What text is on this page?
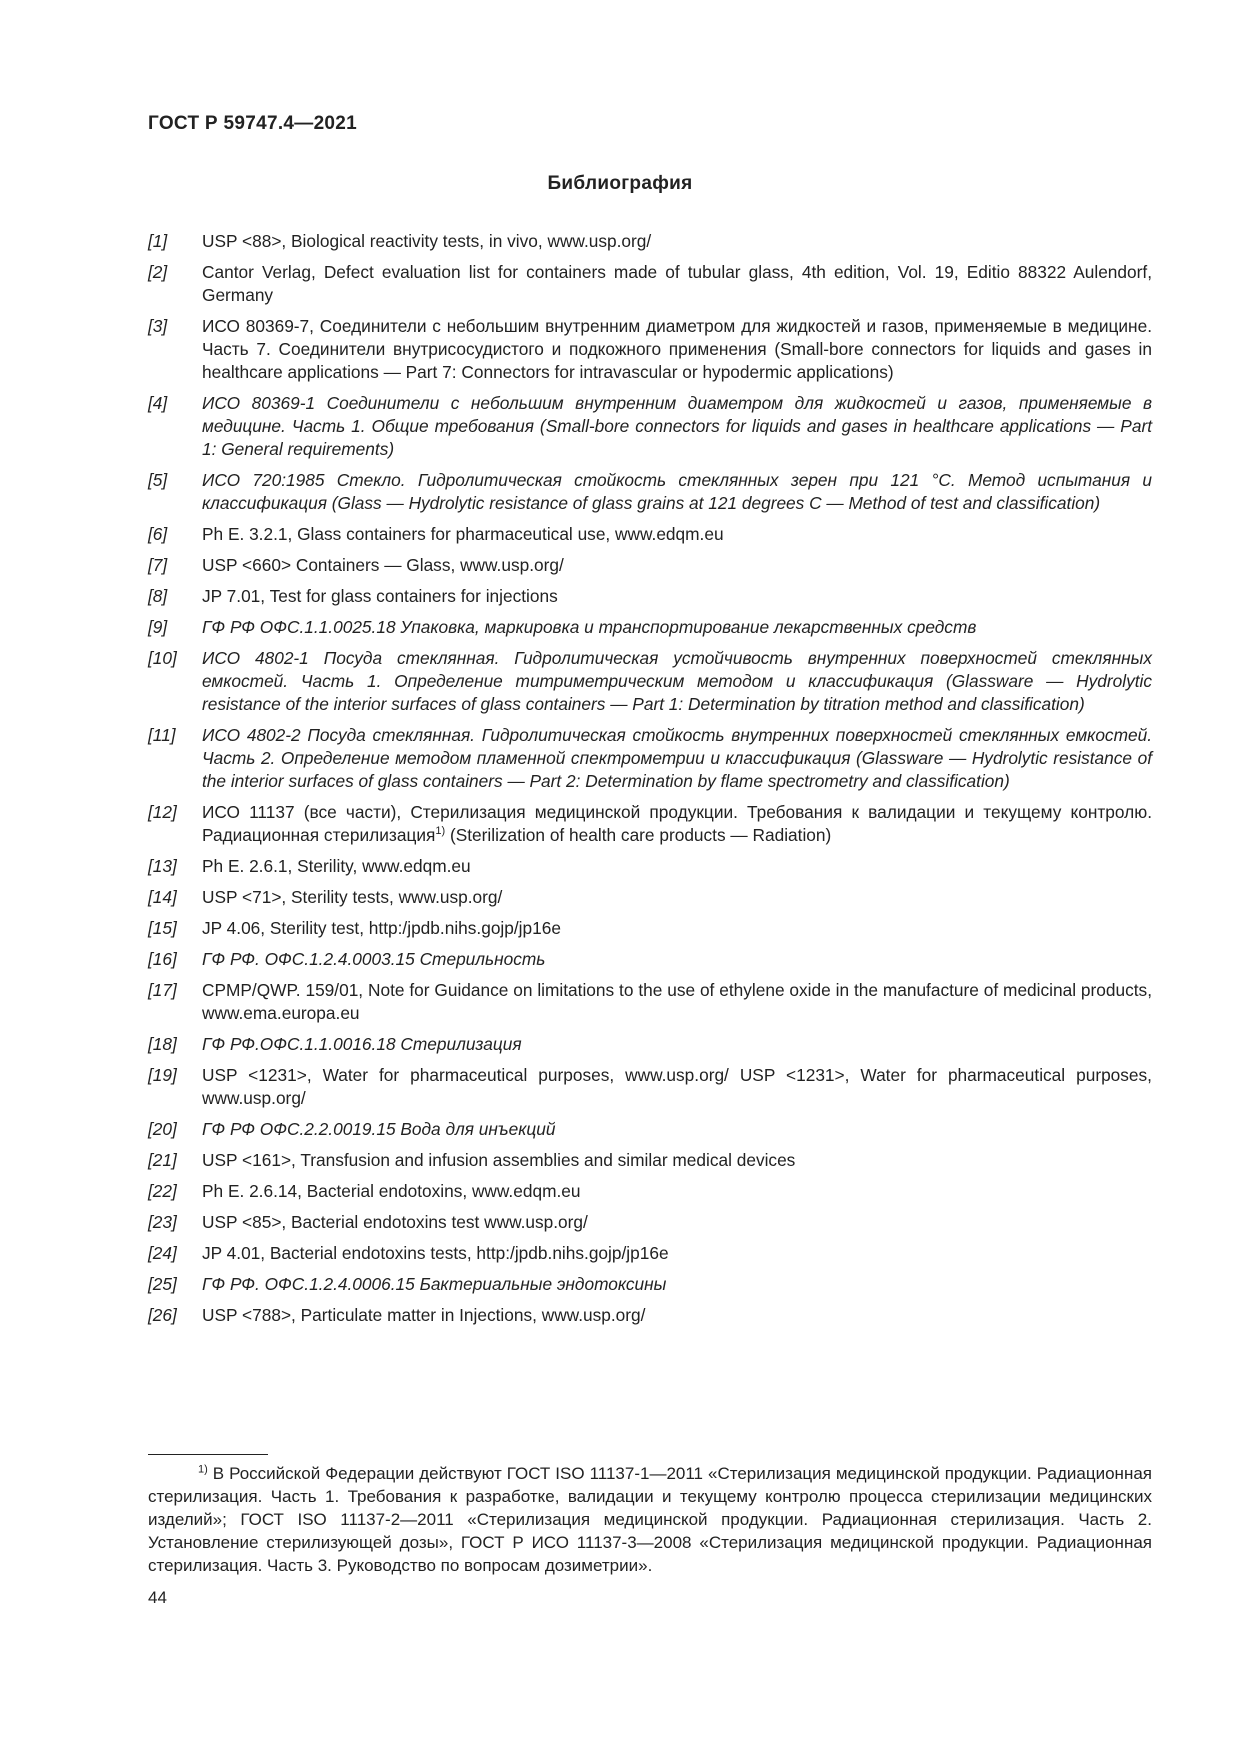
ГОСТ Р 59747.4—2021
Библиография
[1]	USP <88>, Biological reactivity tests, in vivo, www.usp.org/
[2]	Cantor Verlag, Defect evaluation list for containers made of tubular glass, 4th edition, Vol. 19, Editio 88322 Aulendorf, Germany
[3]	ИСО 80369-7, Соединители с небольшим внутренним диаметром для жидкостей и газов, применяемые в медицине. Часть 7. Соединители внутрисосудистого и подкожного применения (Small-bore connectors for liquids and gases in healthcare applications — Part 7: Connectors for intravascular or hypodermic applications)
[4]	ИСО 80369-1 Соединители с небольшим внутренним диаметром для жидкостей и газов, применяемые в медицине. Часть 1. Общие требования (Small-bore connectors for liquids and gases in healthcare applications — Part 1: General requirements)
[5]	ИСО 720:1985 Стекло. Гидролитическая стойкость стеклянных зерен при 121 °С. Метод испытания и классификация (Glass — Hydrolytic resistance of glass grains at 121 degrees C — Method of test and classification)
[6]	Ph E. 3.2.1, Glass containers for pharmaceutical use, www.edqm.eu
[7]	USP <660> Containers — Glass, www.usp.org/
[8]	JP 7.01, Test for glass containers for injections
[9]	ГФ РФ ОФС.1.1.0025.18 Упаковка, маркировка и транспортирование лекарственных средств
[10]	ИСО 4802-1 Посуда стеклянная. Гидролитическая устойчивость внутренних поверхностей стеклянных емкостей. Часть 1. Определение титриметрическим методом и классификация (Glassware — Hydrolytic resistance of the interior surfaces of glass containers — Part 1: Determination by titration method and classification)
[11]	ИСО 4802-2 Посуда стеклянная. Гидролитическая стойкость внутренних поверхностей стеклянных емкостей. Часть 2. Определение методом пламенной спектрометрии и классификация (Glassware — Hydrolytic resistance of the interior surfaces of glass containers — Part 2: Determination by flame spectrometry and classification)
[12]	ИСО 11137 (все части), Стерилизация медицинской продукции. Требования к валидации и текущему контролю. Радиационная стерилизация$^{1)}$ (Sterilization of health care products — Radiation)
[13]	Ph E. 2.6.1, Sterility, www.edqm.eu
[14]	USP <71>, Sterility tests, www.usp.org/
[15]	JP 4.06, Sterility test, http:/jpdb.nihs.gojp/jp16e
[16]	ГФ РФ. ОФС.1.2.4.0003.15 Стерильность
[17]	CPMP/QWP. 159/01, Note for Guidance on limitations to the use of ethylene oxide in the manufacture of medicinal products, www.ema.europa.eu
[18]	ГФ РФ.ОФС.1.1.0016.18 Стерилизация
[19]	USP <1231>, Water for pharmaceutical purposes, www.usp.org/ USP <1231>, Water for pharmaceutical purposes, www.usp.org/
[20]	ГФ РФ ОФС.2.2.0019.15 Вода для инъекций
[21]	USP <161>, Transfusion and infusion assemblies and similar medical devices
[22]	Ph E. 2.6.14, Bacterial endotoxins, www.edqm.eu
[23]	USP <85>, Bacterial endotoxins test www.usp.org/
[24]	JP 4.01, Bacterial endotoxins tests, http:/jpdb.nihs.gojp/jp16e
[25]	ГФ РФ. ОФС.1.2.4.0006.15 Бактериальные эндотоксины
[26]	USP <788>, Particulate matter in Injections, www.usp.org/
$^{1)}$ В Российской Федерации действуют ГОСТ ISO 11137-1—2011 «Стерилизация медицинской продукции. Радиационная стерилизация. Часть 1. Требования к разработке, валидации и текущему контролю процесса стерилизации медицинских изделий»; ГОСТ ISO 11137-2—2011 «Стерилизация медицинской продукции. Радиационная стерилизация. Часть 2. Установление стерилизующей дозы», ГОСТ Р ИСО 11137-3—2008 «Стерилизация медицинской продукции. Радиационная стерилизация. Часть 3. Руководство по вопросам дозиметрии».
44
